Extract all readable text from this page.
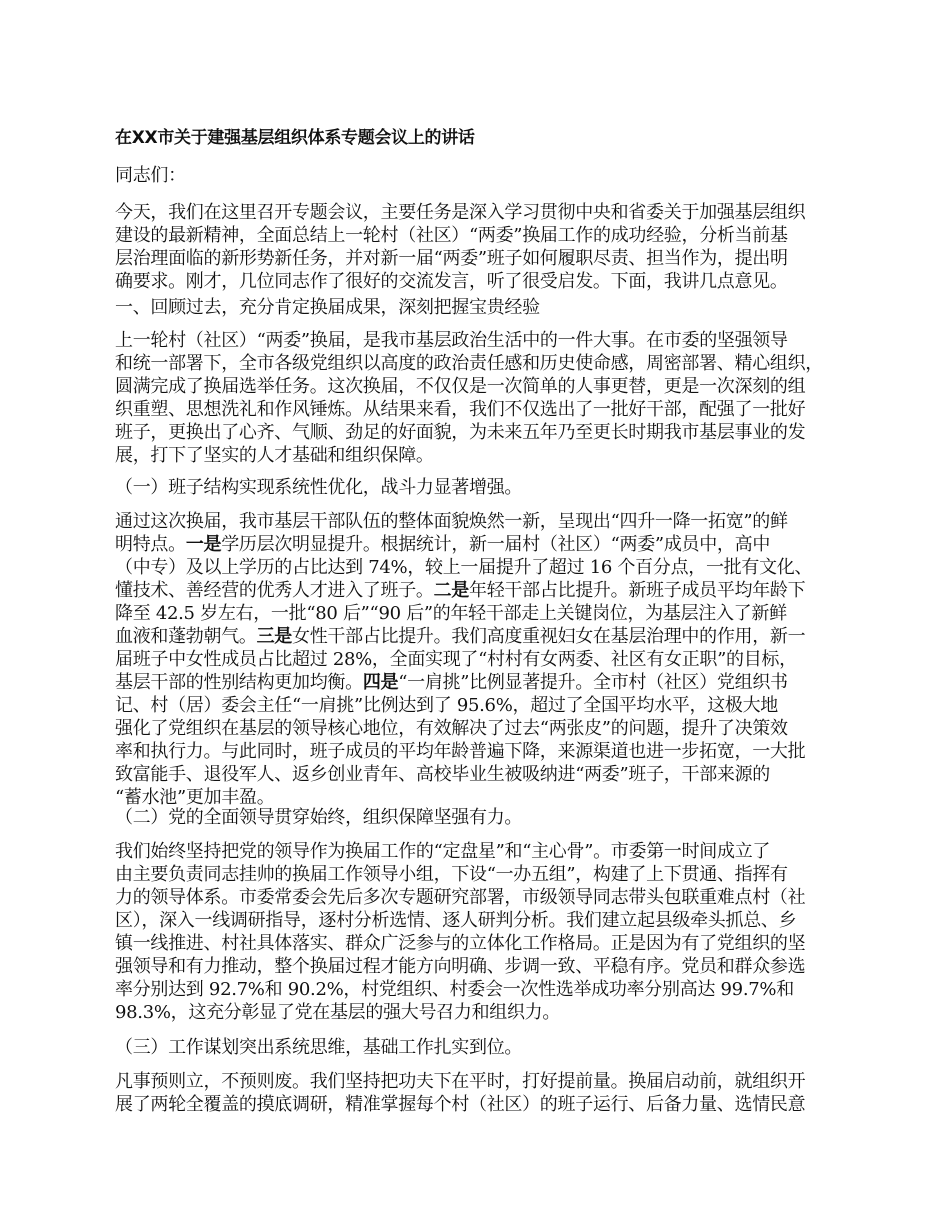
在XX市关于建强基层组织体系专题会议上的讲话
同志们：
今天，我们在这里召开专题会议，主要任务是深入学习贯彻中央和省委关于加强基层组织
建设的最新精神，全面总结上一轮村（社区）“两委”换届工作的成功经验，分析当前基
层治理面临的新形势新任务，并对新一届“两委”班子如何履职尽责、担当作为，提出明
确要求。刚才，几位同志作了很好的交流发言，听了很受启发。下面，我讲几点意见。
一、回顾过去，充分肯定换届成果，深刻把握宝贵经验
上一轮村（社区）“两委”换届，是我市基层政治生活中的一件大事。在市委的坚强领导
和统一部署下，全市各级党组织以高度的政治责任感和历史使命感，周密部署、精心组织，
圆满完成了换届选举任务。这次换届，不仅仅是一次简单的人事更替，更是一次深刻的组
织重塑、思想洗礼和作风锤炼。从结果来看，我们不仅选出了一批好干部，配强了一批好
班子，更换出了心齐、气顺、劲足的好面貌，为未来五年乃至更长时期我市基层事业的发
展，打下了坚实的人才基础和组织保障。
（一）班子结构实现系统性优化，战斗力显著增强。
通过这次换届，我市基层干部队伍的整体面貌焕然一新，呈现出“四升一降一拓宽”的鲜
明特点。一是学历层次明显提升。根据统计，新一届村（社区）“两委”成员中，高中
（中专）及以上学历的占比达到 74%，较上一届提升了超过 16 个百分点，一批有文化、
懂技术、善经营的优秀人才进入了班子。二是年轻干部占比提升。新班子成员平均年龄下
降至 42.5 岁左右，一批“80 后”“90 后”的年轻干部走上关键岗位，为基层注入了新鲜
血液和蓬勃朝气。三是女性干部占比提升。我们高度重视妇女在基层治理中的作用，新一
届班子中女性成员占比超过 28%，全面实现了“村村有女两委、社区有女正职”的目标，
基层干部的性别结构更加均衡。四是“一肩挑”比例显著提升。全市村（社区）党组织书
记、村（居）委会主任“一肩挑”比例达到了 95.6%，超过了全国平均水平，这极大地
强化了党组织在基层的领导核心地位，有效解决了过去“两张皮”的问题，提升了决策效
率和执行力。与此同时，班子成员的平均年龄普遍下降，来源渠道也进一步拓宽，一大批
致富能手、退役军人、返乡创业青年、高校毕业生被吸纳进“两委”班子，干部来源的
“蓄水池”更加丰盈。
（二）党的全面领导贯穿始终，组织保障坚强有力。
我们始终坚持把党的领导作为换届工作的“定盘星”和“主心骨”。市委第一时间成立了
由主要负责同志挂帅的换届工作领导小组，下设“一办五组”，构建了上下贯通、指挥有
力的领导体系。市委常委会先后多次专题研究部署，市级领导同志带头包联重难点村（社
区），深入一线调研指导，逐村分析选情、逐人研判分析。我们建立起县级牵头抓总、乡
镇一线推进、村社具体落实、群众广泛参与的立体化工作格局。正是因为有了党组织的坚
强领导和有力推动，整个换届过程才能方向明确、步调一致、平稳有序。党员和群众参选
率分别达到 92.7%和 90.2%，村党组织、村委会一次性选举成功率分别高达 99.7%和
98.3%，这充分彰显了党在基层的强大号召力和组织力。
（三）工作谋划突出系统思维，基础工作扎实到位。
凡事预则立，不预则废。我们坚持把功夫下在平时，打好提前量。换届启动前，就组织开
展了两轮全覆盖的摸底调研，精准掌握每个村（社区）的班子运行、后备力量、选情民意
